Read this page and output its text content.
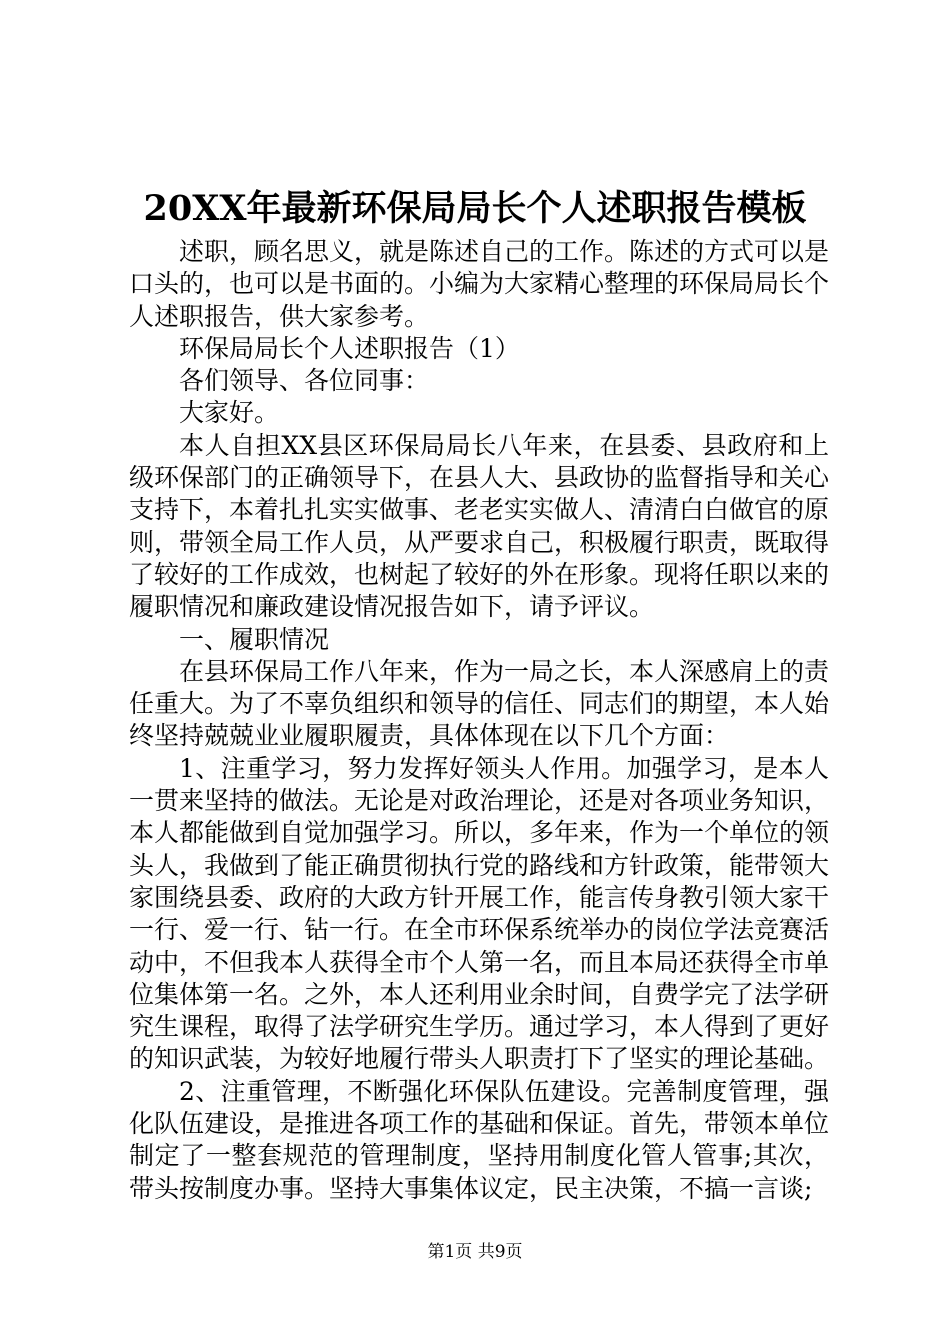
20XX年最新环保局局长个人述职报告模板

述职，顾名思义，就是陈述自己的工作。陈述的方式可以是口头的，也可以是书面的。小编为大家精心整理的环保局局长个人述职报告，供大家参考。

环保局局长个人述职报告（1）

各们领导、各位同事：

大家好。

本人自担XX县区环保局局长八年来，在县委、县政府和上级环保部门的正确领导下，在县人大、县政协的监督指导和关心支持下，本着扎扎实实做事、老老实实做人、清清白白做官的原则，带领全局工作人员，从严要求自己，积极履行职责，既取得了较好的工作成效，也树起了较好的外在形象。现将任职以来的履职情况和廉政建设情况报告如下，请予评议。

一、履职情况

在县环保局工作八年来，作为一局之长，本人深感肩上的责任重大。为了不辜负组织和领导的信任、同志们的期望，本人始终坚持兢兢业业履职履责，具体体现在以下几个方面：

1、注重学习，努力发挥好领头人作用。加强学习，是本人一贯来坚持的做法。无论是对政治理论，还是对各项业务知识，本人都能做到自觉加强学习。所以，多年来，作为一个单位的领头人，我做到了能正确贯彻执行党的路线和方针政策，能带领大家围绕县委、政府的大政方针开展工作，能言传身教引领大家干一行、爱一行、钻一行。在全市环保系统举办的岗位学法竞赛活动中，不但我本人获得全市个人第一名，而且本局还获得全市单位集体第一名。之外，本人还利用业余时间，自费学完了法学研究生课程，取得了法学研究生学历。通过学习，本人得到了更好的知识武装，为较好地履行带头人职责打下了坚实的理论基础。

2、注重管理，不断强化环保队伍建设。完善制度管理，强化队伍建设，是推进各项工作的基础和保证。首先，带领本单位制定了一整套规范的管理制度，坚持用制度化管人管事;其次，带头按制度办事。坚持大事集体议定，民主决策，不搞一言谈;

第1页 共9页
